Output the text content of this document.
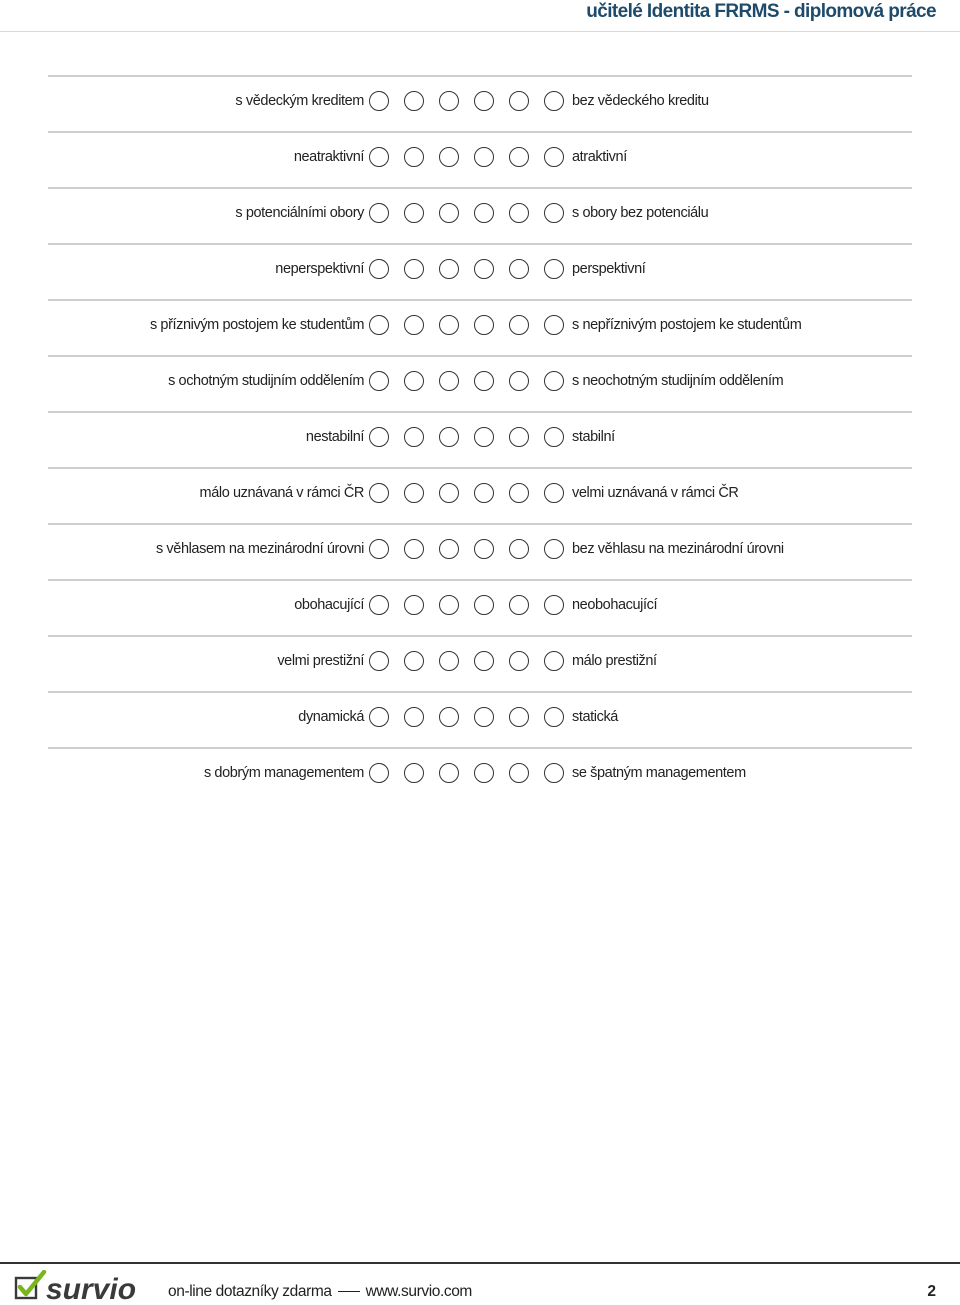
učitelé Identita FRRMS - diplomová práce
s vědeckým kreditem	bez vědeckého kreditu
neatraktivní	atraktivní
s potenciálními obory	s obory bez potenciálu
neperspektivní	perspektivní
s příznivým postojem ke studentům	s nepříznivým postojem ke studentům
s ochotným studijním oddělením	s neochotným studijním oddělením
nestabilní	stabilní
málo uznávaná v rámci ČR	velmi uznávaná v rámci ČR
s věhlasem na mezinárodní úrovni	bez věhlasu na mezinárodní úrovni
obohacující	neobohacující
velmi prestižní	málo prestižní
dynamická	statická
s dobrým managementem	se špatným managementem
survio on-line dotazníky zdarma www.survio.com	2
